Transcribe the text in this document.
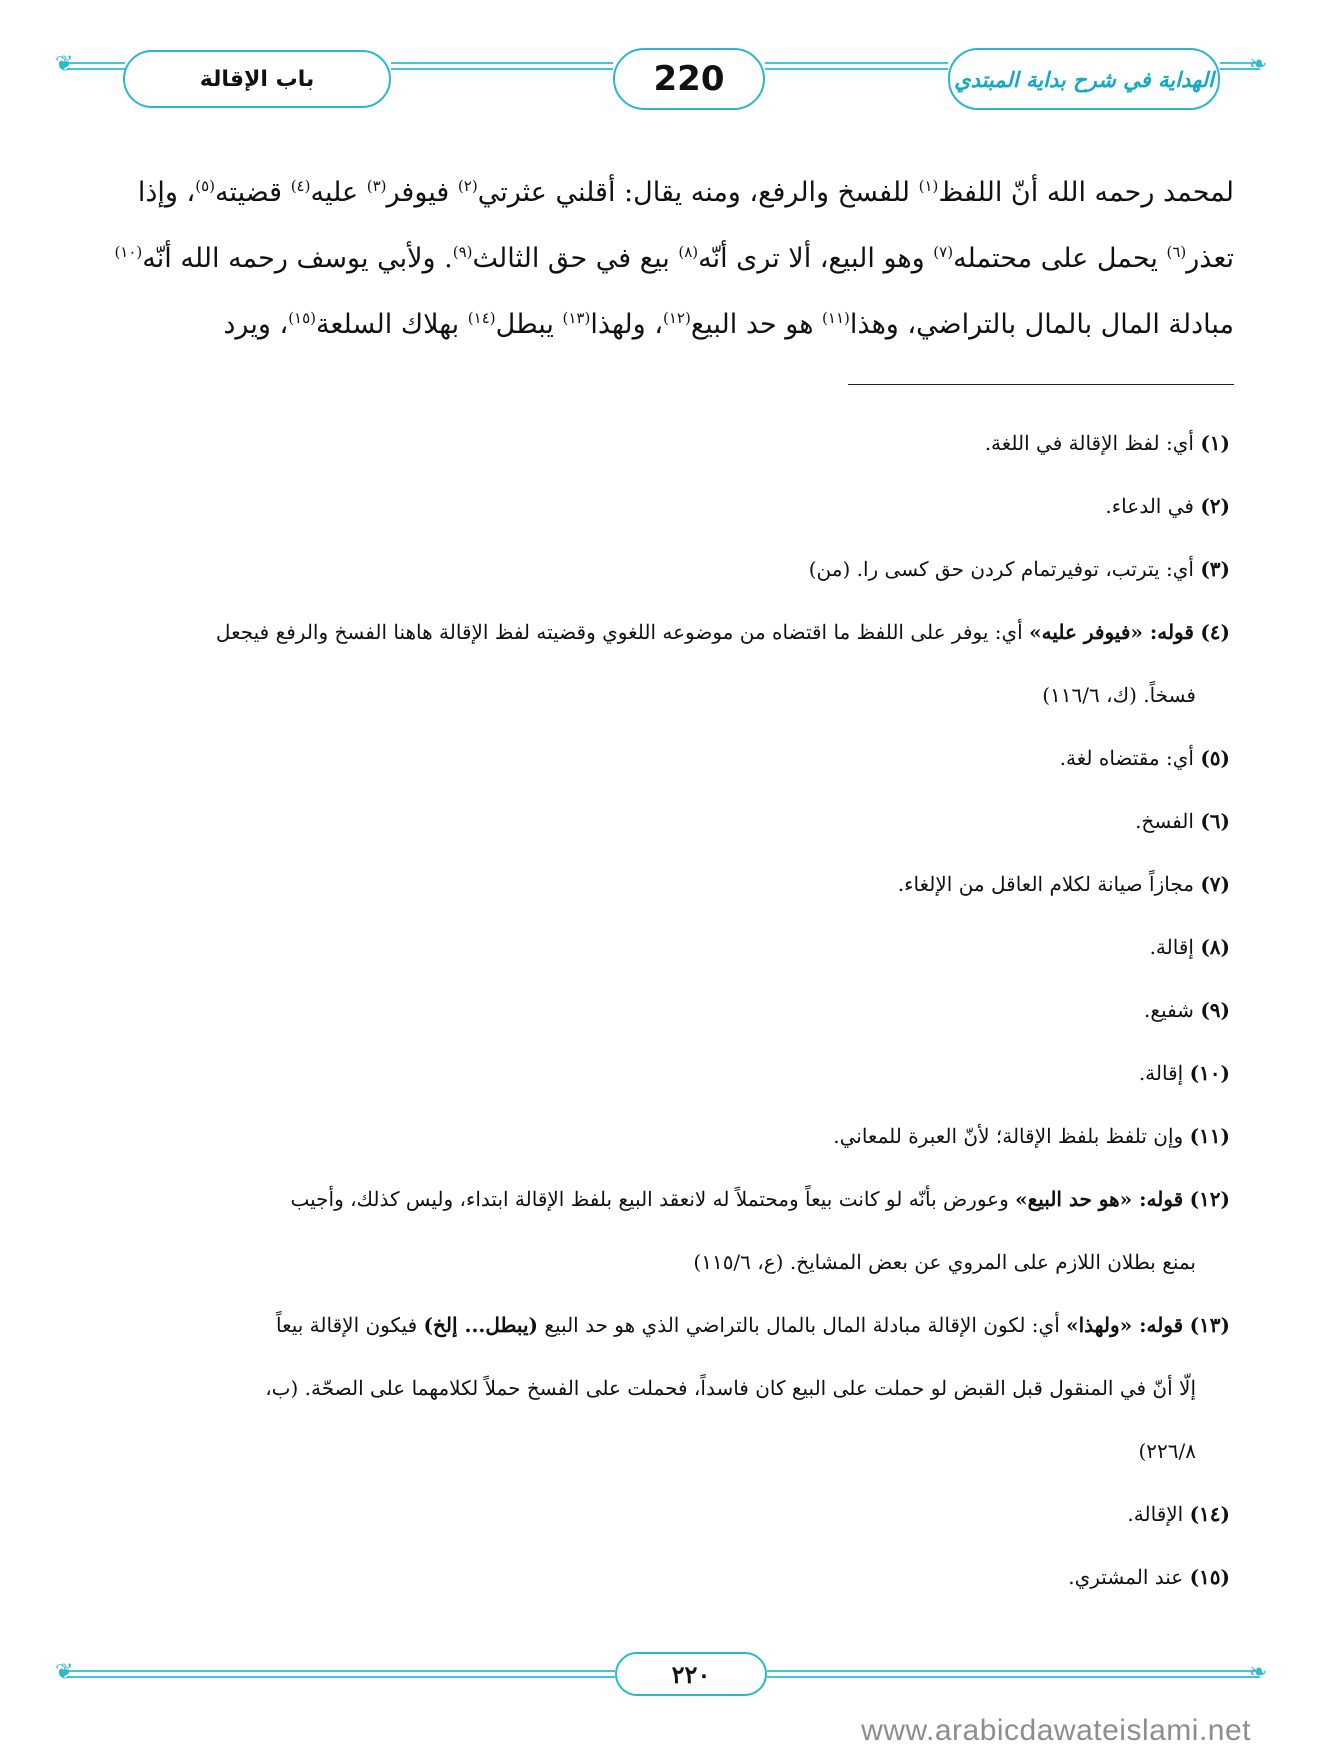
❦	❧
باب الإقالة	220	الهداية في شرح بداية المبتدي

لمحمد رحمه الله أنّ اللفظ$^{(١)}$ للفسخ والرفع، ومنه يقال: أقلني عثرتي$^{(٢)}$ فيوفر$^{(٣)}$ عليه$^{(٤)}$ قضيته$^{(٥)}$، وإذا

تعذر$^{(٦)}$ يحمل على محتمله$^{(٧)}$ وهو البيع، ألا ترى أنّه$^{(٨)}$ بيع في حق الثالث$^{(٩)}$. ولأبي يوسف رحمه الله أنّه$^{(١٠)}$

مبادلة المال بالمال بالتراضي، وهذا$^{(١١)}$ هو حد البيع$^{(١٢)}$، ولهذا$^{(١٣)}$ يبطل$^{(١٤)}$ بهلاك السلعة$^{(١٥)}$، ويرد

(١) أي: لفظ الإقالة في اللغة.

(٢) في الدعاء.

(٣) أي: يترتب، توفيرتمام كردن حق كسى را. (من)

(٤) قوله: «فيوفر عليه» أي: يوفر على اللفظ ما اقتضاه من موضوعه اللغوي وقضيته لفظ الإقالة هاهنا الفسخ والرفع فيجعل
فسخاً. (ك، ١١٦/٦)

(٥) أي: مقتضاه لغة.

(٦) الفسخ.

(٧) مجازاً صيانة لكلام العاقل من الإلغاء.

(٨) إقالة.

(٩) شفيع.

(١٠) إقالة.

(١١) وإن تلفظ بلفظ الإقالة؛ لأنّ العبرة للمعاني.

(١٢) قوله: «هو حد البيع» وعورض بأنّه لو كانت بيعاً ومحتملاً له لانعقد البيع بلفظ الإقالة ابتداء، وليس كذلك، وأجيب
بمنع بطلان اللازم على المروي عن بعض المشايخ. (ع، ١١٥/٦)

(١٣) قوله: «ولهذا» أي: لكون الإقالة مبادلة المال بالمال بالتراضي الذي هو حد البيع (يبطل... إلخ) فيكون الإقالة بيعاً
إلّا أنّ في المنقول قبل القبض لو حملت على البيع كان فاسداً، فحملت على الفسخ حملاً لكلامهما على الصحّة. (ب،
٢٢٦/٨)

(١٤) الإقالة.

(١٥) عند المشتري.

❦	❧
٢٢٠
www.arabicdawateislami.net
